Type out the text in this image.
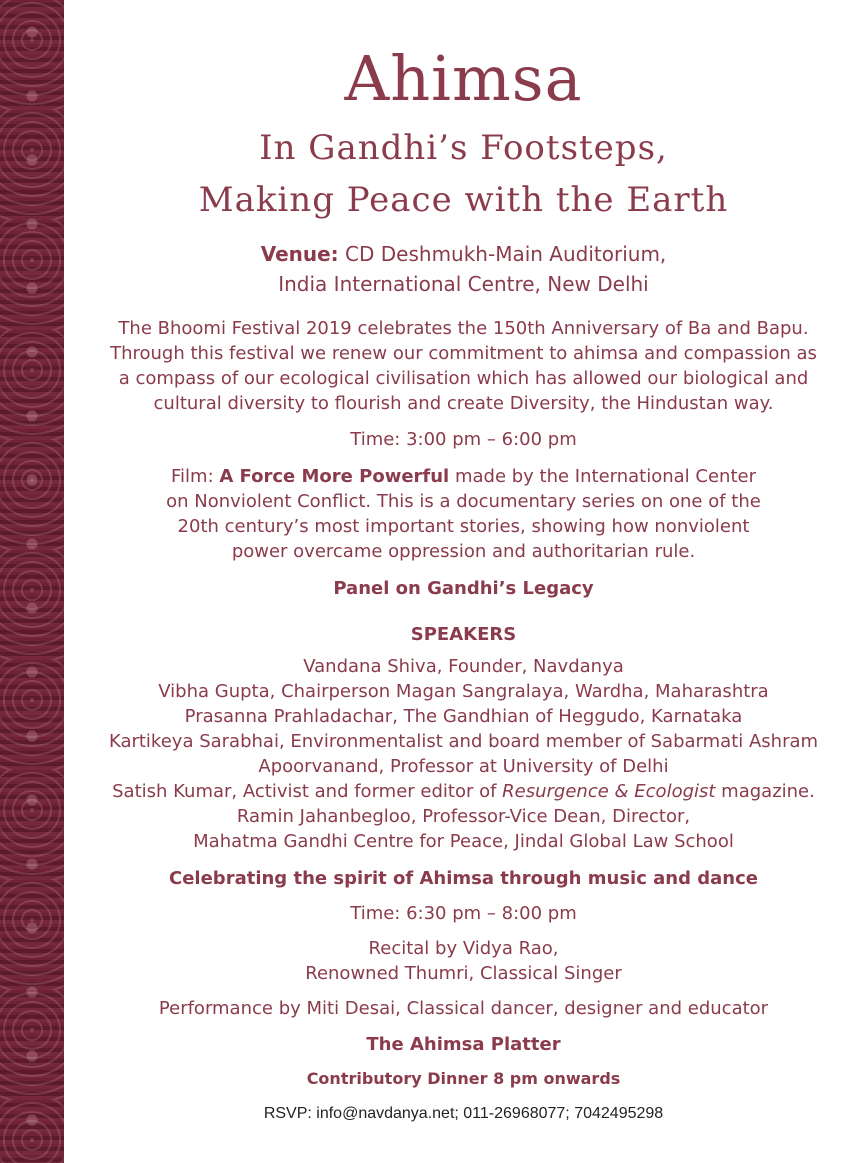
Ahimsa
In Gandhi’s Footsteps,
Making Peace with the Earth

Venue: CD Deshmukh-Main Auditorium,

India International Centre, New Delhi

The Bhoomi Festival 2019 celebrates the 150th Anniversary of Ba and Bapu.

Through this festival we renew our commitment to ahimsa and compassion as

a compass of our ecological civilisation which has allowed our biological and

cultural diversity to flourish and create Diversity, the Hindustan way.

Time: 3:00 pm – 6:00 pm

Film: A Force More Powerful made by the International Center

on Nonviolent Conflict. This is a documentary series on one of the

20th century’s most important stories, showing how nonviolent

power overcame oppression and authoritarian rule.

Panel on Gandhi’s Legacy

SPEAKERS

Vandana Shiva, Founder, Navdanya

Vibha Gupta, Chairperson Magan Sangralaya, Wardha, Maharashtra

Prasanna Prahladachar, The Gandhian of Heggudo, Karnataka

Kartikeya Sarabhai, Environmentalist and board member of Sabarmati Ashram

Apoorvanand, Professor at University of Delhi

Satish Kumar, Activist and former editor of Resurgence & Ecologist magazine.

Ramin Jahanbegloo, Professor-Vice Dean, Director,

Mahatma Gandhi Centre for Peace, Jindal Global Law School

Celebrating the spirit of Ahimsa through music and dance

Time: 6:30 pm – 8:00 pm

Recital by Vidya Rao,

Renowned Thumri, Classical Singer

Performance by Miti Desai, Classical dancer, designer and educator

The Ahimsa Platter

Contributory Dinner 8 pm onwards

RSVP: info@navdanya.net; 011-26968077; 7042495298
